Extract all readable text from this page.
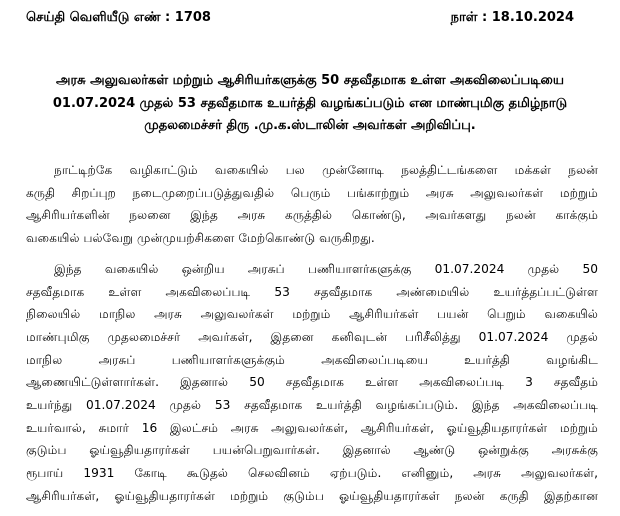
செய்தி வெளியீடு எண் : 1708	நாள் : 18.10.2024
அரசு அலுவலர்கள் மற்றும் ஆசிரியர்களுக்கு 50 சதவீதமாக உள்ள அகவிலைப்படியை
01.07.2024 முதல் 53 சதவீதமாக உயர்த்தி வழங்கப்படும் என மாண்புமிகு தமிழ்நாடு
முதலமைச்சர் திரு .மு.க.ஸ்டாலின் அவர்கள் அறிவிப்பு.
நாட்டிற்கே வழிகாட்டும் வகையில் பல முன்னோடி நலத்திட்டங்களை மக்கள் நலன்
கருதி சிறப்புற நடைமுறைப்படுத்துவதில் பெரும் பங்காற்றும் அரசு அலுவலர்கள் மற்றும்
ஆசிரியர்களின் நலனை இந்த அரசு கருத்தில் கொண்டு, அவர்களது நலன் காக்கும்
வகையில் பல்வேறு முன்முயற்சிகளை மேற்கொண்டு வருகிறது.
இந்த வகையில் ஒன்றிய அரசுப் பணியாளர்களுக்கு 01.07.2024 முதல் 50
சதவீதமாக உள்ள அகவிலைப்படி 53 சதவீதமாக அண்மையில் உயர்த்தப்பட்டுள்ள
நிலையில் மாநில அரசு அலுவலர்கள் மற்றும் ஆசிரியர்கள் பயன் பெறும் வகையில்
மாண்புமிகு முதலமைச்சர் அவர்கள், இதனை கனிவுடன் பரிசீலித்து 01.07.2024 முதல்
மாநில அரசுப் பணியாளர்களுக்கும் அகவிலைப்படியை உயர்த்தி வழங்கிட
ஆணையிட்டுள்ளார்கள். இதனால் 50 சதவீதமாக உள்ள அகவிலைப்படி 3 சதவீதம்
உயர்ந்து 01.07.2024 முதல் 53 சதவீதமாக உயர்த்தி வழங்கப்படும். இந்த அகவிலைப்படி
உயர்வால், சுமார் 16 இலட்சம் அரசு அலுவலர்கள், ஆசிரியர்கள், ஓய்வூதியதாரர்கள் மற்றும்
குடும்ப ஓய்வூதியதாரர்கள் பயன்பெறுவார்கள். இதனால் ஆண்டு ஒன்றுக்கு அரசுக்கு
ரூபாய் 1931 கோடி கூடுதல் செலவினம் ஏற்படும். எனினும், அரசு அலுவலர்கள்,
ஆசிரியர்கள், ஓய்வூதியதாரர்கள் மற்றும் குடும்ப ஓய்வூதியதாரர்கள் நலன் கருதி இதற்கான
